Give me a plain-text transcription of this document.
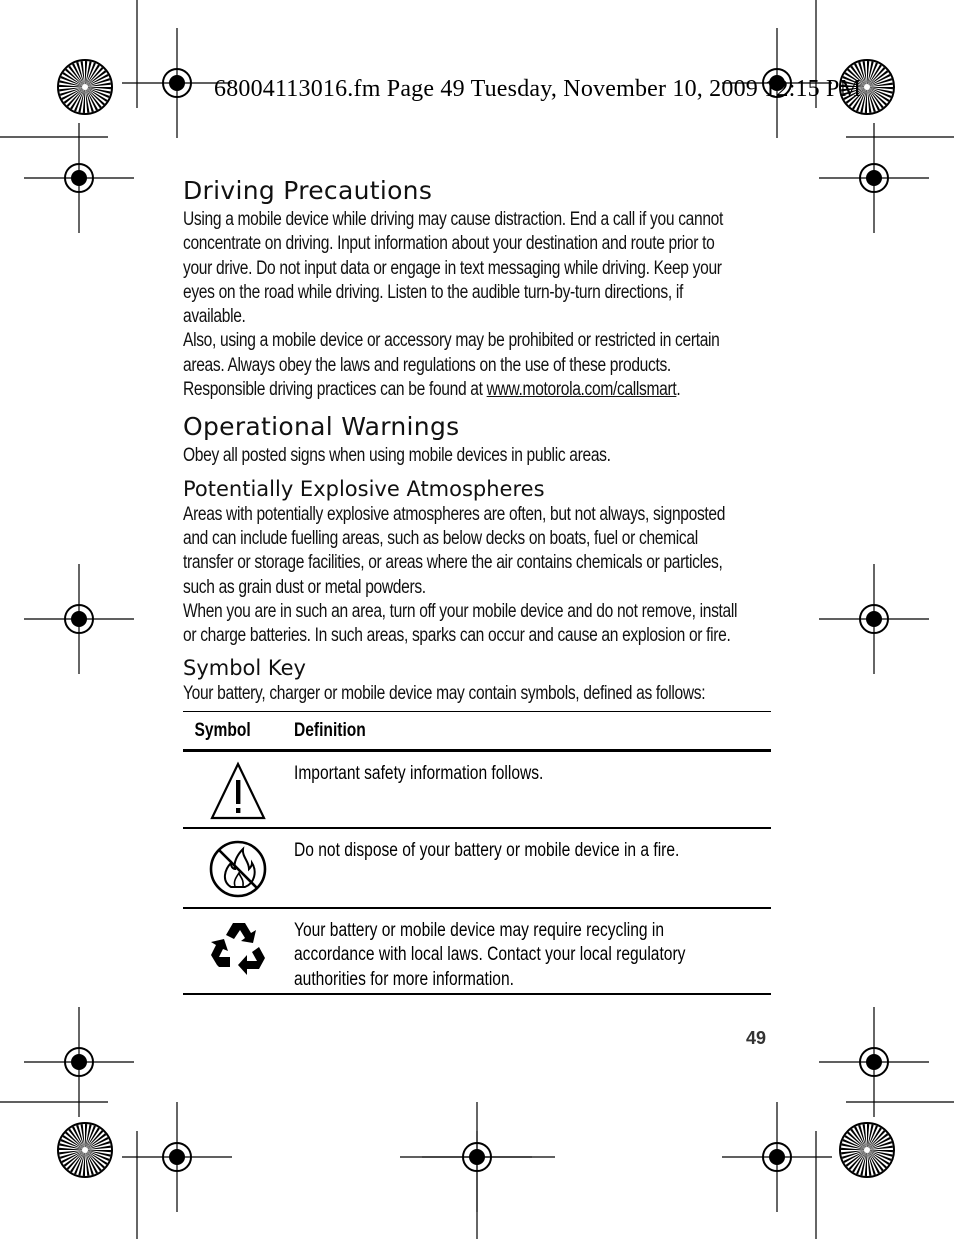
68004113016.fm Page 49 Tuesday, November 10, 2009 12:15 PM
Driving Precautions

Using a mobile device while driving may cause distraction. End a call if you cannot
concentrate on driving. Input information about your destination and route prior to
your drive. Do not input data or engage in text messaging while driving. Keep your
eyes on the road while driving. Listen to the audible turn-by-turn directions, if
available.
Also, using a mobile device or accessory may be prohibited or restricted in certain
areas. Always obey the laws and regulations on the use of these products.
Responsible driving practices can be found at www.motorola.com/callsmart.

Operational Warnings

Obey all posted signs when using mobile devices in public areas.

Potentially Explosive Atmospheres

Areas with potentially explosive atmospheres are often, but not always, signposted
and can include fuelling areas, such as below decks on boats, fuel or chemical
transfer or storage facilities, or areas where the air contains chemicals or particles,
such as grain dust or metal powders.
When you are in such an area, turn off your mobile device and do not remove, install
or charge batteries. In such areas, sparks can occur and cause an explosion or fire.

Symbol Key

Your battery, charger or mobile device may contain symbols, defined as follows:

Symbol	Definition

	Important safety information follows.

	Do not dispose of your battery or mobile device in a fire.

	Your battery or mobile device may require recycling in
accordance with local laws. Contact your local regulatory
authorities for more information.
49
